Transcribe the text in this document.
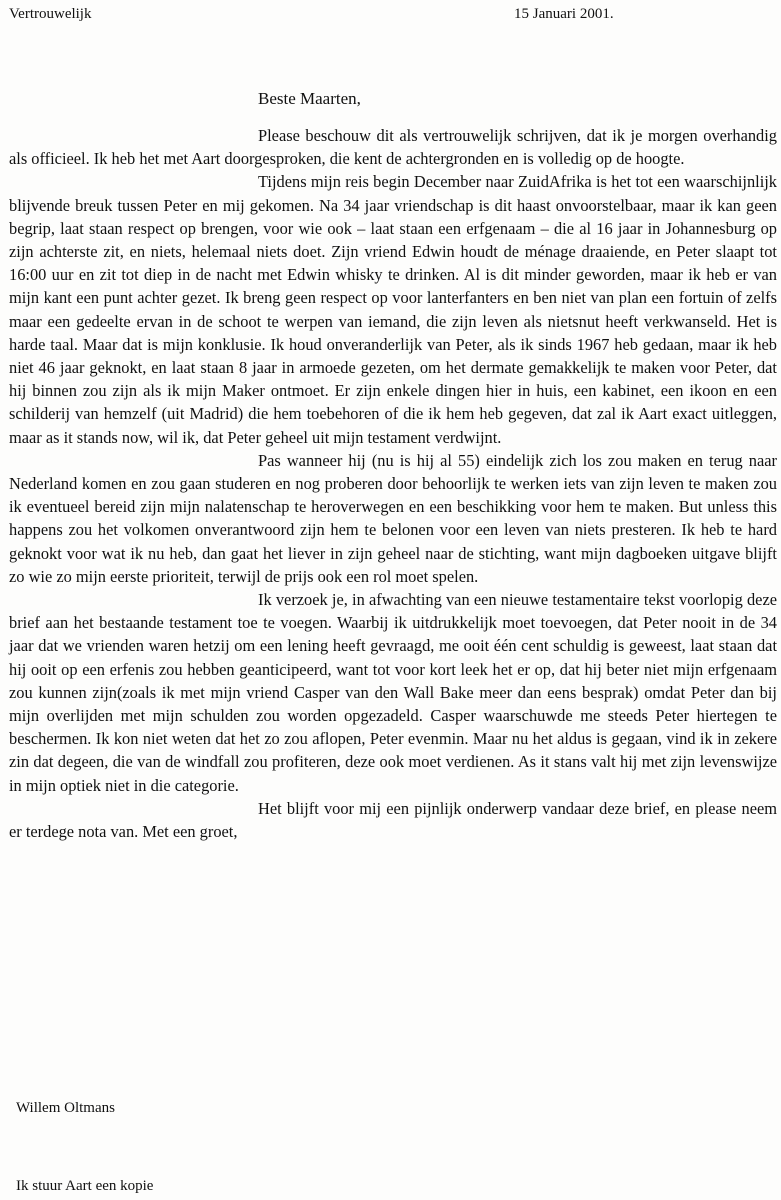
Vertrouwelijk	15 Januari 2001.
Beste Maarten,

Please beschouw dit als vertrouwelijk schrijven, dat ik je morgen overhandig als officieel. Ik heb het met Aart doorgesproken, die kent de achtergronden en is volledig op de hoogte.

Tijdens mijn reis begin December naar ZuidAfrika is het tot een waarschijnlijk blijvende breuk tussen Peter en mij gekomen. Na 34 jaar vriendschap is dit haast onvoorstelbaar, maar ik kan geen begrip, laat staan respect op brengen, voor wie ook – laat staan een erfgenaam – die al 16 jaar in Johannesburg op zijn achterste zit, en niets, helemaal niets doet. Zijn vriend Edwin houdt de ménage draaiende, en Peter slaapt tot 16:00 uur en zit tot diep in de nacht met Edwin whisky te drinken. Al is dit minder geworden, maar ik heb er van mijn kant een punt achter gezet. Ik breng geen respect op voor lanterfanters en ben niet van plan een fortuin of zelfs maar een gedeelte ervan in de schoot te werpen van iemand, die zijn leven als nietsnut heeft verkwanseld. Het is harde taal. Maar dat is mijn konklusie. Ik houd onveranderlijk van Peter, als ik sinds 1967 heb gedaan, maar ik heb niet 46 jaar geknokt, en laat staan 8 jaar in armoede gezeten, om het dermate gemakkelijk te maken voor Peter, dat hij binnen zou zijn als ik mijn Maker ontmoet. Er zijn enkele dingen hier in huis, een kabinet, een ikoon en een schilderij van hemzelf (uit Madrid) die hem toebehoren of die ik hem heb gegeven, dat zal ik Aart exact uitleggen, maar as it stands now, wil ik, dat Peter geheel uit mijn testament verdwijnt.

Pas wanneer hij (nu is hij al 55) eindelijk zich los zou maken en terug naar Nederland komen en zou gaan studeren en nog proberen door behoorlijk te werken iets van zijn leven te maken zou ik eventueel bereid zijn mijn nalatenschap te heroverwegen en een beschikking voor hem te maken. But unless this happens zou het volkomen onverantwoord zijn hem te belonen voor een leven van niets presteren. Ik heb te hard geknokt voor wat ik nu heb, dan gaat het liever in zijn geheel naar de stichting, want mijn dagboeken uitgave blijft zo wie zo mijn eerste prioriteit, terwijl de prijs ook een rol moet spelen.

Ik verzoek je, in afwachting van een nieuwe testamentaire tekst voorlopig deze brief aan het bestaande testament toe te voegen. Waarbij ik uitdrukkelijk moet toevoegen, dat Peter nooit in de 34 jaar dat we vrienden waren hetzij om een lening heeft gevraagd, me ooit één cent schuldig is geweest, laat staan dat hij ooit op een erfenis zou hebben geanticipeerd, want tot voor kort leek het er op, dat hij beter niet mijn erfgenaam zou kunnen zijn(zoals ik met mijn vriend Casper van den Wall Bake meer dan eens besprak) omdat Peter dan bij mijn overlijden met mijn schulden zou worden opgezadeld. Casper waarschuwde me steeds Peter hiertegen te beschermen. Ik kon niet weten dat het zo zou aflopen, Peter evenmin. Maar nu het aldus is gegaan, vind ik in zekere zin dat degeen, die van de windfall zou profiteren, deze ook moet verdienen. As it stans valt hij met zijn levenswijze in mijn optiek niet in die categorie.

Het blijft voor mij een pijnlijk onderwerp vandaar deze brief, en please neem er terdege nota van. Met een groet,

Willem Oltmans
Ik stuur Aart een kopie
